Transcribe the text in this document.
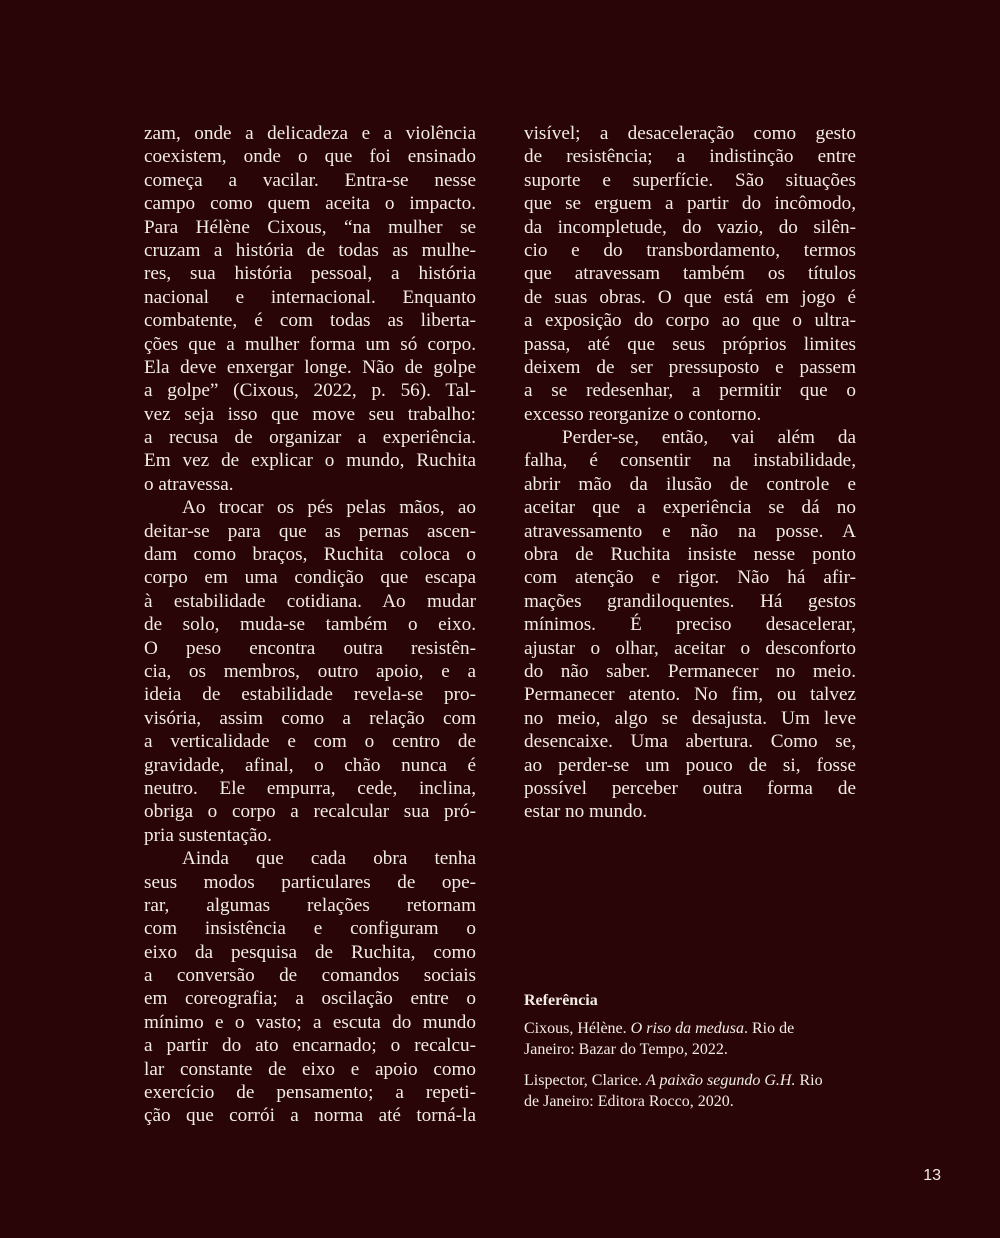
zam, onde a delicadeza e a violência
coexistem, onde o que foi ensinado
começa a vacilar. Entra-se nesse
campo como quem aceita o impacto.
Para Hélène Cixous, “na mulher se
cruzam a história de todas as mulhe-
res, sua história pessoal, a história
nacional e internacional. Enquanto
combatente, é com todas as liberta-
ções que a mulher forma um só corpo.
Ela deve enxergar longe. Não de golpe
a golpe” (Cixous, 2022, p. 56). Tal-
vez seja isso que move seu trabalho:
a recusa de organizar a experiência.
Em vez de explicar o mundo, Ruchita
o atravessa.
Ao trocar os pés pelas mãos, ao
deitar-se para que as pernas ascen-
dam como braços, Ruchita coloca o
corpo em uma condição que escapa
à estabilidade cotidiana. Ao mudar
de solo, muda-se também o eixo.
O peso encontra outra resistên-
cia, os membros, outro apoio, e a
ideia de estabilidade revela-se pro-
visória, assim como a relação com
a verticalidade e com o centro de
gravidade, afinal, o chão nunca é
neutro. Ele empurra, cede, inclina,
obriga o corpo a recalcular sua pró-
pria sustentação.
Ainda que cada obra tenha
seus modos particulares de ope-
rar, algumas relações retornam
com insistência e configuram o
eixo da pesquisa de Ruchita, como
a conversão de comandos sociais
em coreografia; a oscilação entre o
mínimo e o vasto; a escuta do mundo
a partir do ato encarnado; o recalcu-
lar constante de eixo e apoio como
exercício de pensamento; a repeti-
ção que corrói a norma até torná-la
visível; a desaceleração como gesto
de resistência; a indistinção entre
suporte e superfície. São situações
que se erguem a partir do incômodo,
da incompletude, do vazio, do silên-
cio e do transbordamento, termos
que atravessam também os títulos
de suas obras. O que está em jogo é
a exposição do corpo ao que o ultra-
passa, até que seus próprios limites
deixem de ser pressuposto e passem
a se redesenhar, a permitir que o
excesso reorganize o contorno.
Perder-se, então, vai além da
falha, é consentir na instabilidade,
abrir mão da ilusão de controle e
aceitar que a experiência se dá no
atravessamento e não na posse. A
obra de Ruchita insiste nesse ponto
com atenção e rigor. Não há afir-
mações grandiloquentes. Há gestos
mínimos. É preciso desacelerar,
ajustar o olhar, aceitar o desconforto
do não saber. Permanecer no meio.
Permanecer atento. No fim, ou talvez
no meio, algo se desajusta. Um leve
desencaixe. Uma abertura. Como se,
ao perder-se um pouco de si, fosse
possível perceber outra forma de
estar no mundo.
Referência
Cixous, Hélène. O riso da medusa. Rio de
Janeiro: Bazar do Tempo, 2022.
Lispector, Clarice. A paixão segundo G.H. Rio
de Janeiro: Editora Rocco, 2020.
13
